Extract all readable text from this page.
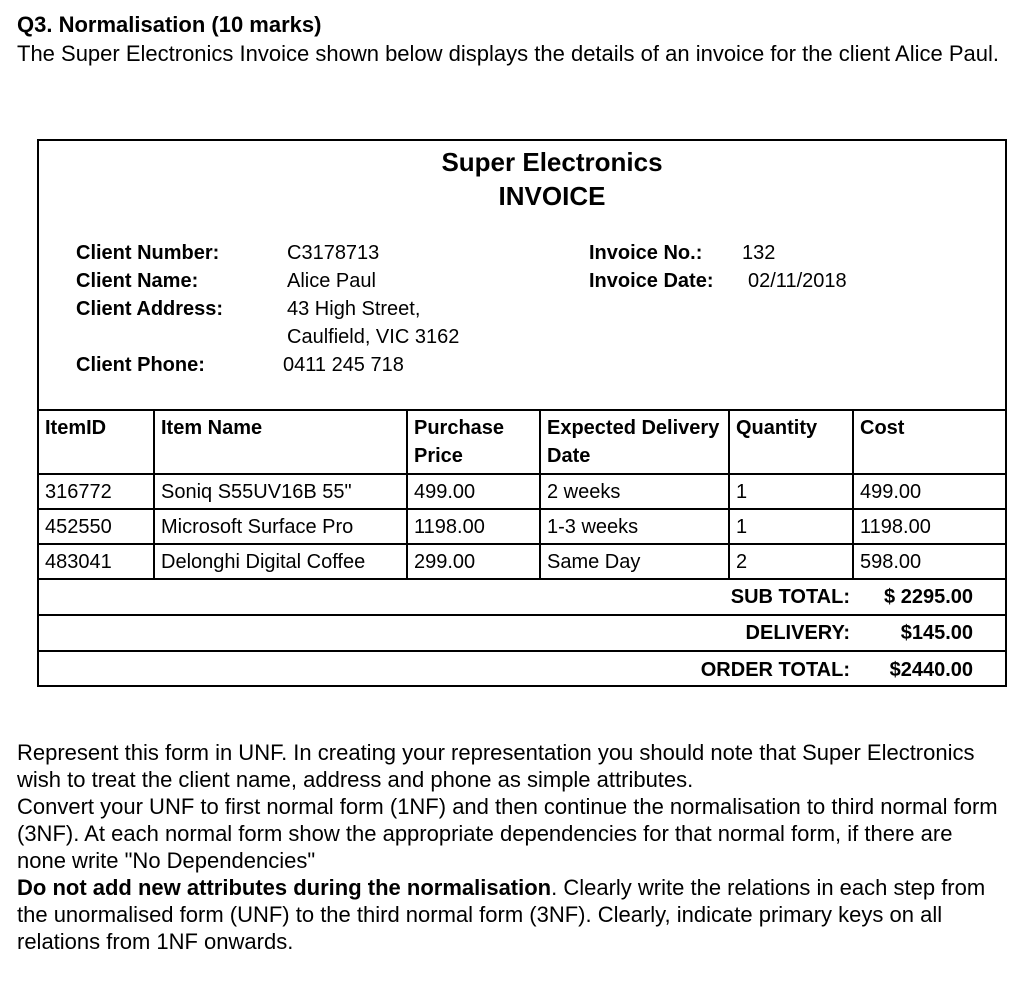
Q3. Normalisation (10 marks)
The Super Electronics Invoice shown below displays the details of an invoice for the client Alice Paul.
Super Electronics
INVOICE
Client Number:	C3178713
Client Name:	Alice Paul
Client Address:	43 High Street,
Caulfield, VIC 3162
Client Phone:	0411 245 718
Invoice No.: 132
Invoice Date: 02/11/2018
ItemID	Item Name	Purchase Price	Expected Delivery Date	Quantity	Cost
316772	Soniq S55UV16B 55"	499.00	2 weeks	1	499.00
452550	Microsoft Surface Pro	1198.00	1-3 weeks	1	1198.00
483041	Delonghi Digital Coffee	299.00	Same Day	2	598.00
SUB TOTAL: $ 2295.00					
DELIVERY: $145.00					
ORDER TOTAL: $2440.00					
Represent this form in UNF. In creating your representation you should note that Super Electronics wish to treat the client name, address and phone as simple attributes.
Convert your UNF to first normal form (1NF) and then continue the normalisation to third normal form (3NF). At each normal form show the appropriate dependencies for that normal form, if there are none write "No Dependencies"
Do not add new attributes during the normalisation. Clearly write the relations in each step from the unormalised form (UNF) to the third normal form (3NF). Clearly, indicate primary keys on all relations from 1NF onwards.
